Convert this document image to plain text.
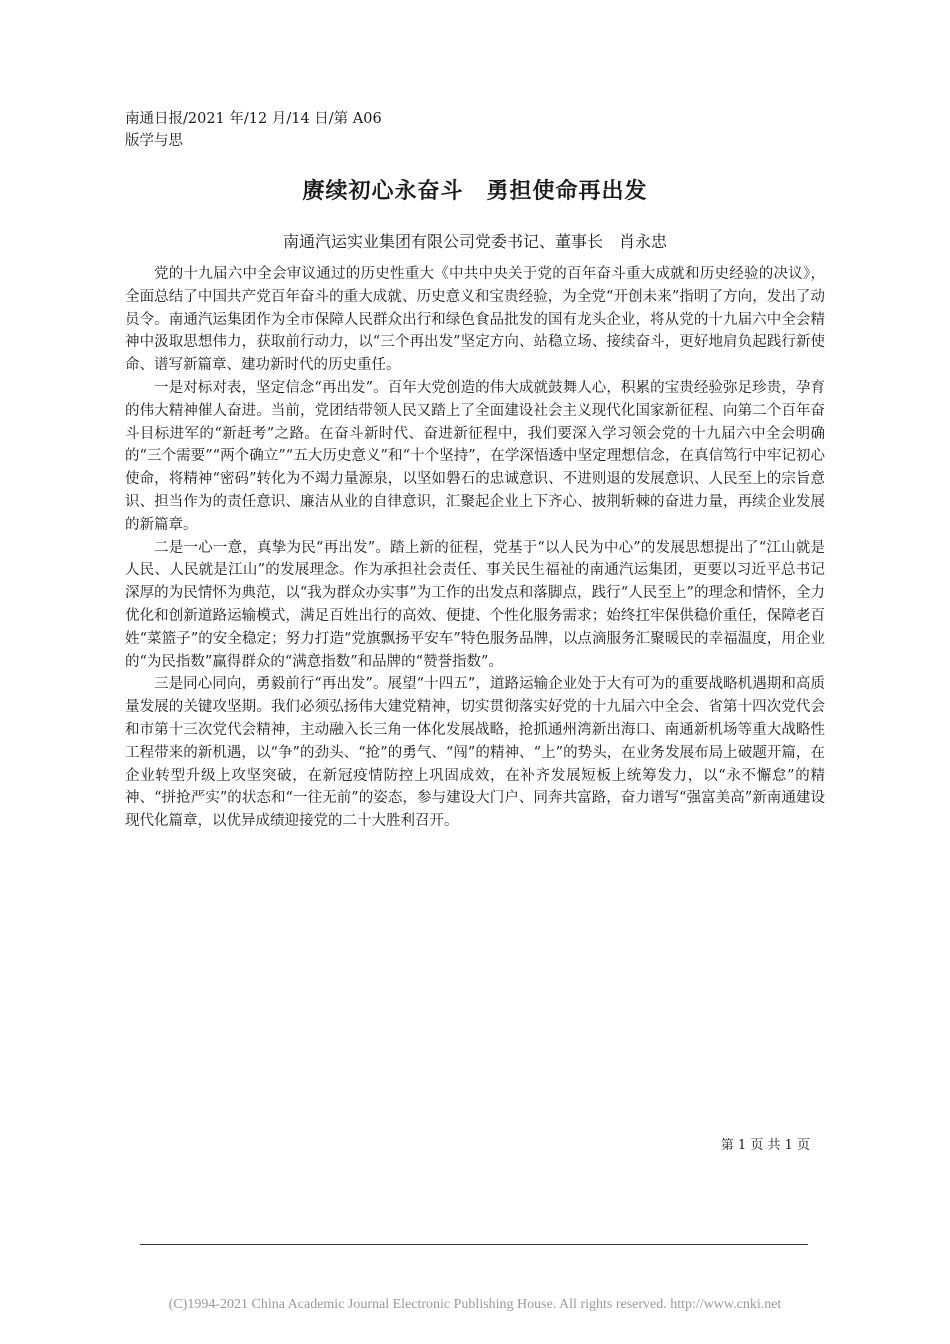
南通日报/2021 年/12 月/14 日/第 A06
版学与思
赓续初心永奋斗　勇担使命再出发
南通汽运实业集团有限公司党委书记、董事长　肖永忠

党的十九届六中全会审议通过的历史性重大《中共中央关于党的百年奋斗重大成就和历史经验的决议》，全面总结了中国共产党百年奋斗的重大成就、历史意义和宝贵经验，为全党“开创未来”指明了方向，发出了动员令。南通汽运集团作为全市保障人民群众出行和绿色食品批发的国有龙头企业，将从党的十九届六中全会精神中汲取思想伟力，获取前行动力，以“三个再出发”坚定方向、站稳立场、接续奋斗，更好地肩负起践行新使命、谱写新篇章、建功新时代的历史重任。

一是对标对表，坚定信念“再出发”。百年大党创造的伟大成就鼓舞人心，积累的宝贵经验弥足珍贵，孕育的伟大精神催人奋进。当前，党团结带领人民又踏上了全面建设社会主义现代化国家新征程、向第二个百年奋斗目标进军的“新赶考”之路。在奋斗新时代、奋进新征程中，我们要深入学习领会党的十九届六中全会明确的“三个需要”“两个确立”“五大历史意义”和“十个坚持”，在学深悟透中坚定理想信念，在真信笃行中牢记初心使命，将精神“密码”转化为不竭力量源泉，以坚如磐石的忠诚意识、不进则退的发展意识、人民至上的宗旨意识、担当作为的责任意识、廉洁从业的自律意识，汇聚起企业上下齐心、披荆斩棘的奋进力量，再续企业发展的新篇章。

二是一心一意，真挚为民“再出发”。踏上新的征程，党基于“以人民为中心”的发展思想提出了“江山就是人民、人民就是江山”的发展理念。作为承担社会责任、事关民生福祉的南通汽运集团，更要以习近平总书记深厚的为民情怀为典范，以“我为群众办实事”为工作的出发点和落脚点，践行“人民至上”的理念和情怀，全力优化和创新道路运输模式，满足百姓出行的高效、便捷、个性化服务需求；始终扛牢保供稳价重任，保障老百姓“菜篮子”的安全稳定；努力打造“党旗飘扬平安车”特色服务品牌，以点滴服务汇聚暖民的幸福温度，用企业的“为民指数”赢得群众的“满意指数”和品牌的“赞誉指数”。

三是同心同向，勇毅前行“再出发”。展望“十四五”，道路运输企业处于大有可为的重要战略机遇期和高质量发展的关键攻坚期。我们必须弘扬伟大建党精神，切实贯彻落实好党的十九届六中全会、省第十四次党代会和市第十三次党代会精神，主动融入长三角一体化发展战略，抢抓通州湾新出海口、南通新机场等重大战略性工程带来的新机遇，以“争”的劲头、“抢”的勇气、“闯”的精神、“上”的势头，在业务发展布局上破题开篇，在企业转型升级上攻坚突破，在新冠疫情防控上巩固成效，在补齐发展短板上统筹发力，以“永不懈怠”的精神、“拼抢严实”的状态和“一往无前”的姿态，参与建设大门户、同奔共富路，奋力谱写“强富美高”新南通建设现代化篇章，以优异成绩迎接党的二十大胜利召开。

第 1 页 共 1 页
(C)1994-2021 China Academic Journal Electronic Publishing House. All rights reserved. http://www.cnki.net
